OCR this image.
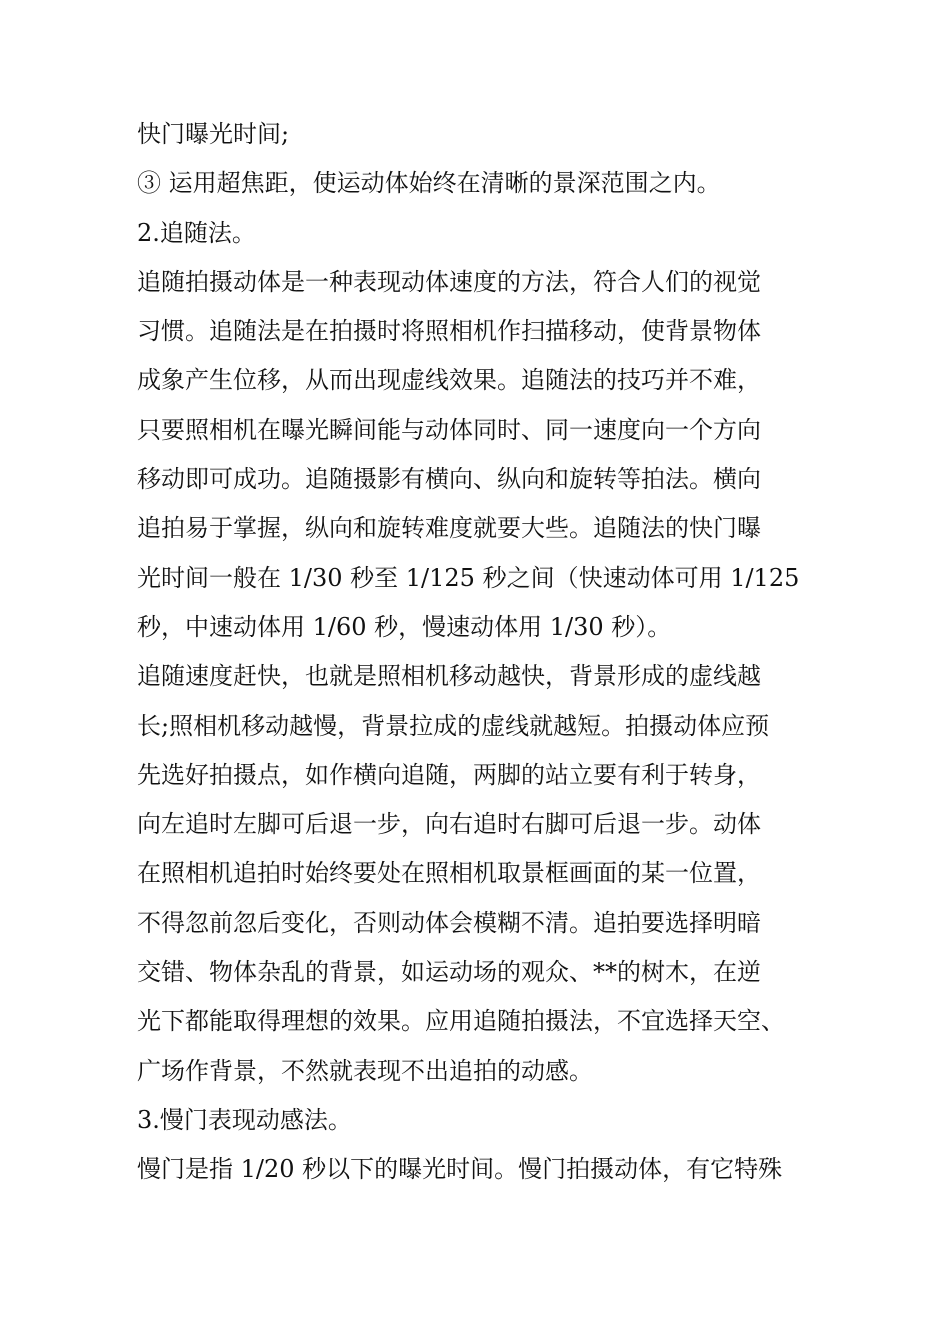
快门曝光时间;
③ 运用超焦距，使运动体始终在清晰的景深范围之内。
2.追随法。
追随拍摄动体是一种表现动体速度的方法，符合人们的视觉
习惯。追随法是在拍摄时将照相机作扫描移动，使背景物体
成象产生位移，从而出现虚线效果。追随法的技巧并不难，
只要照相机在曝光瞬间能与动体同时、同一速度向一个方向
移动即可成功。追随摄影有横向、纵向和旋转等拍法。横向
追拍易于掌握，纵向和旋转难度就要大些。追随法的快门曝
光时间一般在 1/30 秒至 1/125 秒之间（快速动体可用 1/125
秒，中速动体用 1/60 秒，慢速动体用 1/30 秒）。
追随速度赶快，也就是照相机移动越快，背景形成的虚线越
长;照相机移动越慢，背景拉成的虚线就越短。拍摄动体应预
先选好拍摄点，如作横向追随，两脚的站立要有利于转身，
向左追时左脚可后退一步，向右追时右脚可后退一步。动体
在照相机追拍时始终要处在照相机取景框画面的某一位置，
不得忽前忽后变化，否则动体会模糊不清。追拍要选择明暗
交错、物体杂乱的背景，如运动场的观众、**的树木，在逆
光下都能取得理想的效果。应用追随拍摄法，不宜选择天空、
广场作背景，不然就表现不出追拍的动感。
3.慢门表现动感法。
慢门是指 1/20 秒以下的曝光时间。慢门拍摄动体，有它特殊
